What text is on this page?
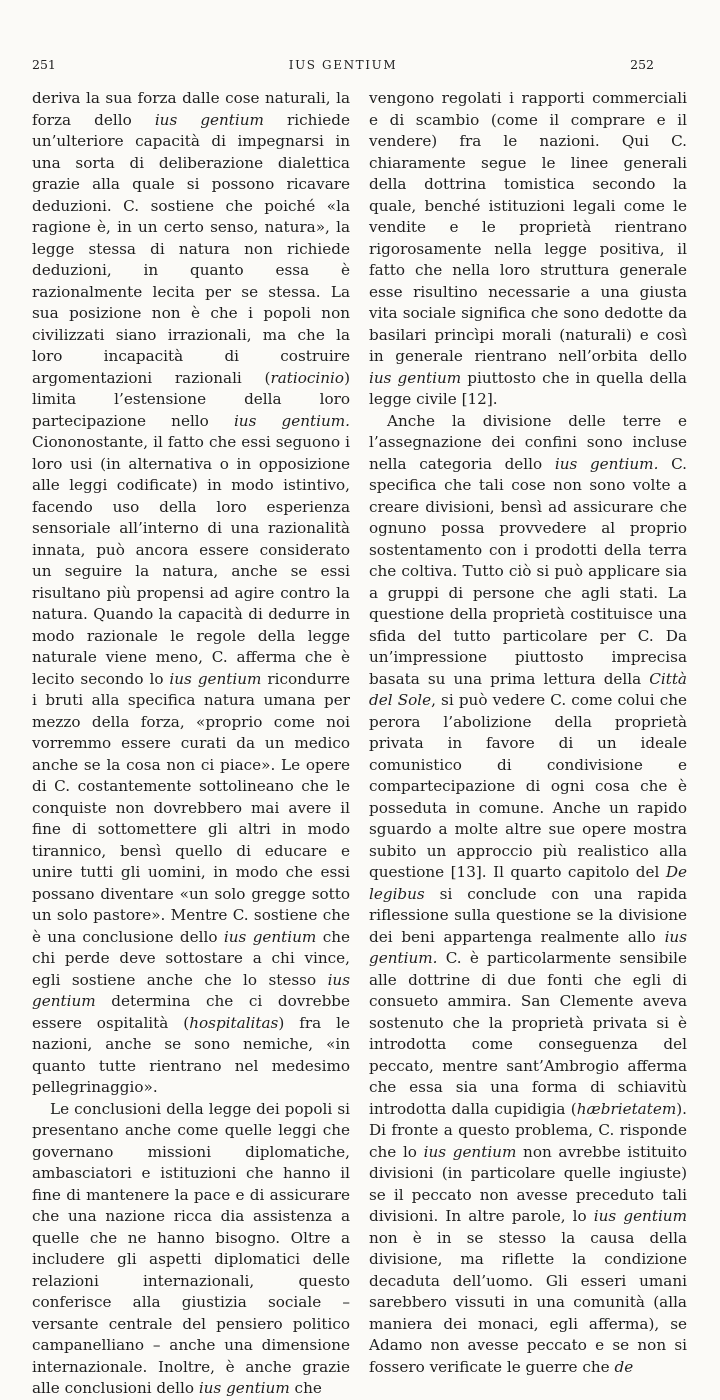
251	IUS GENTIUM	252

deriva la sua forza dalle cose naturali, la forza dello ius gentium richiede un’ulteriore capacità di impegnarsi in una sorta di deliberazione dialettica grazie alla quale si possono ricavare deduzioni. C. sostiene che poiché «la ragione è, in un certo senso, natura», la legge stessa di natura non richiede deduzioni, in quanto essa è razionalmente lecita per se stessa. La sua posizione non è che i popoli non civilizzati siano irrazionali, ma che la loro incapacità di costruire argomentazioni razionali (ratiocinio) limita l’estensione della loro partecipazione nello ius gentium. Ciononostante, il fatto che essi seguono i loro usi (in alternativa o in opposizione alle leggi codificate) in modo istintivo, facendo uso della loro esperienza sensoriale all’interno di una razionalità innata, può ancora essere considerato un seguire la natura, anche se essi risultano più propensi ad agire contro la natura. Quando la capacità di dedurre in modo razionale le regole della legge naturale viene meno, C. afferma che è lecito secondo lo ius gentium ricondurre i bruti alla specifica natura umana per mezzo della forza, «proprio come noi vorremmo essere curati da un medico anche se la cosa non ci piace». Le opere di C. costantemente sottolineano che le conquiste non dovrebbero mai avere il fine di sottomettere gli altri in modo tirannico, bensì quello di educare e unire tutti gli uomini, in modo che essi possano diventare «un solo gregge sotto un solo pastore». Mentre C. sostiene che è una conclusione dello ius gentium che chi perde deve sottostare a chi vince, egli sostiene anche che lo stesso ius gentium determina che ci dovrebbe essere ospitalità (hospitalitas) fra le nazioni, anche se sono nemiche, «in quanto tutte rientrano nel medesimo pellegrinaggio».

Le conclusioni della legge dei popoli si presentano anche come quelle leggi che governano missioni diplomatiche, ambasciatori e istituzioni che hanno il fine di mantenere la pace e di assicurare che una nazione ricca dia assistenza a quelle che ne hanno bisogno. Oltre a includere gli aspetti diplomatici delle relazioni internazionali, questo conferisce alla giustizia sociale – versante centrale del pensiero politico campanelliano – anche una dimensione internazionale. Inoltre, è anche grazie alle conclusioni dello ius gentium che

vengono regolati i rapporti commerciali e di scambio (come il comprare e il vendere) fra le nazioni. Qui C. chiaramente segue le linee generali della dottrina tomistica secondo la quale, benché istituzioni legali come le vendite e le proprietà rientrano rigorosamente nella legge positiva, il fatto che nella loro struttura generale esse risultino necessarie a una giusta vita sociale significa che sono dedotte da basilari princìpi morali (naturali) e così in generale rientrano nell’orbita dello ius gentium piuttosto che in quella della legge civile [12].

Anche la divisione delle terre e l’assegnazione dei confini sono incluse nella categoria dello ius gentium. C. specifica che tali cose non sono volte a creare divisioni, bensì ad assicurare che ognuno possa provvedere al proprio sostentamento con i prodotti della terra che coltiva. Tutto ciò si può applicare sia a gruppi di persone che agli stati. La questione della proprietà costituisce una sfida del tutto particolare per C. Da un’impressione piuttosto imprecisa basata su una prima lettura della Città del Sole, si può vedere C. come colui che perora l’abolizione della proprietà privata in favore di un ideale comunistico di condivisione e compartecipazione di ogni cosa che è posseduta in comune. Anche un rapido sguardo a molte altre sue opere mostra subito un approccio più realistico alla questione [13]. Il quarto capitolo del De legibus si conclude con una rapida riflessione sulla questione se la divisione dei beni appartenga realmente allo ius gentium. C. è particolarmente sensibile alle dottrine di due fonti che egli di consueto ammira. San Clemente aveva sostenuto che la proprietà privata si è introdotta come conseguenza del peccato, mentre sant’Ambrogio afferma che essa sia una forma di schiavitù introdotta dalla cupidigia (hæbrietatem). Di fronte a questo problema, C. risponde che lo ius gentium non avrebbe istituito divisioni (in particolare quelle ingiuste) se il peccato non avesse preceduto tali divisioni. In altre parole, lo ius gentium non è in se stesso la causa della divisione, ma riflette la condizione decaduta dell’uomo. Gli esseri umani sarebbero vissuti in una comunità (alla maniera dei monaci, egli afferma), se Adamo non avesse peccato e se non si fossero verificate le guerre che de
